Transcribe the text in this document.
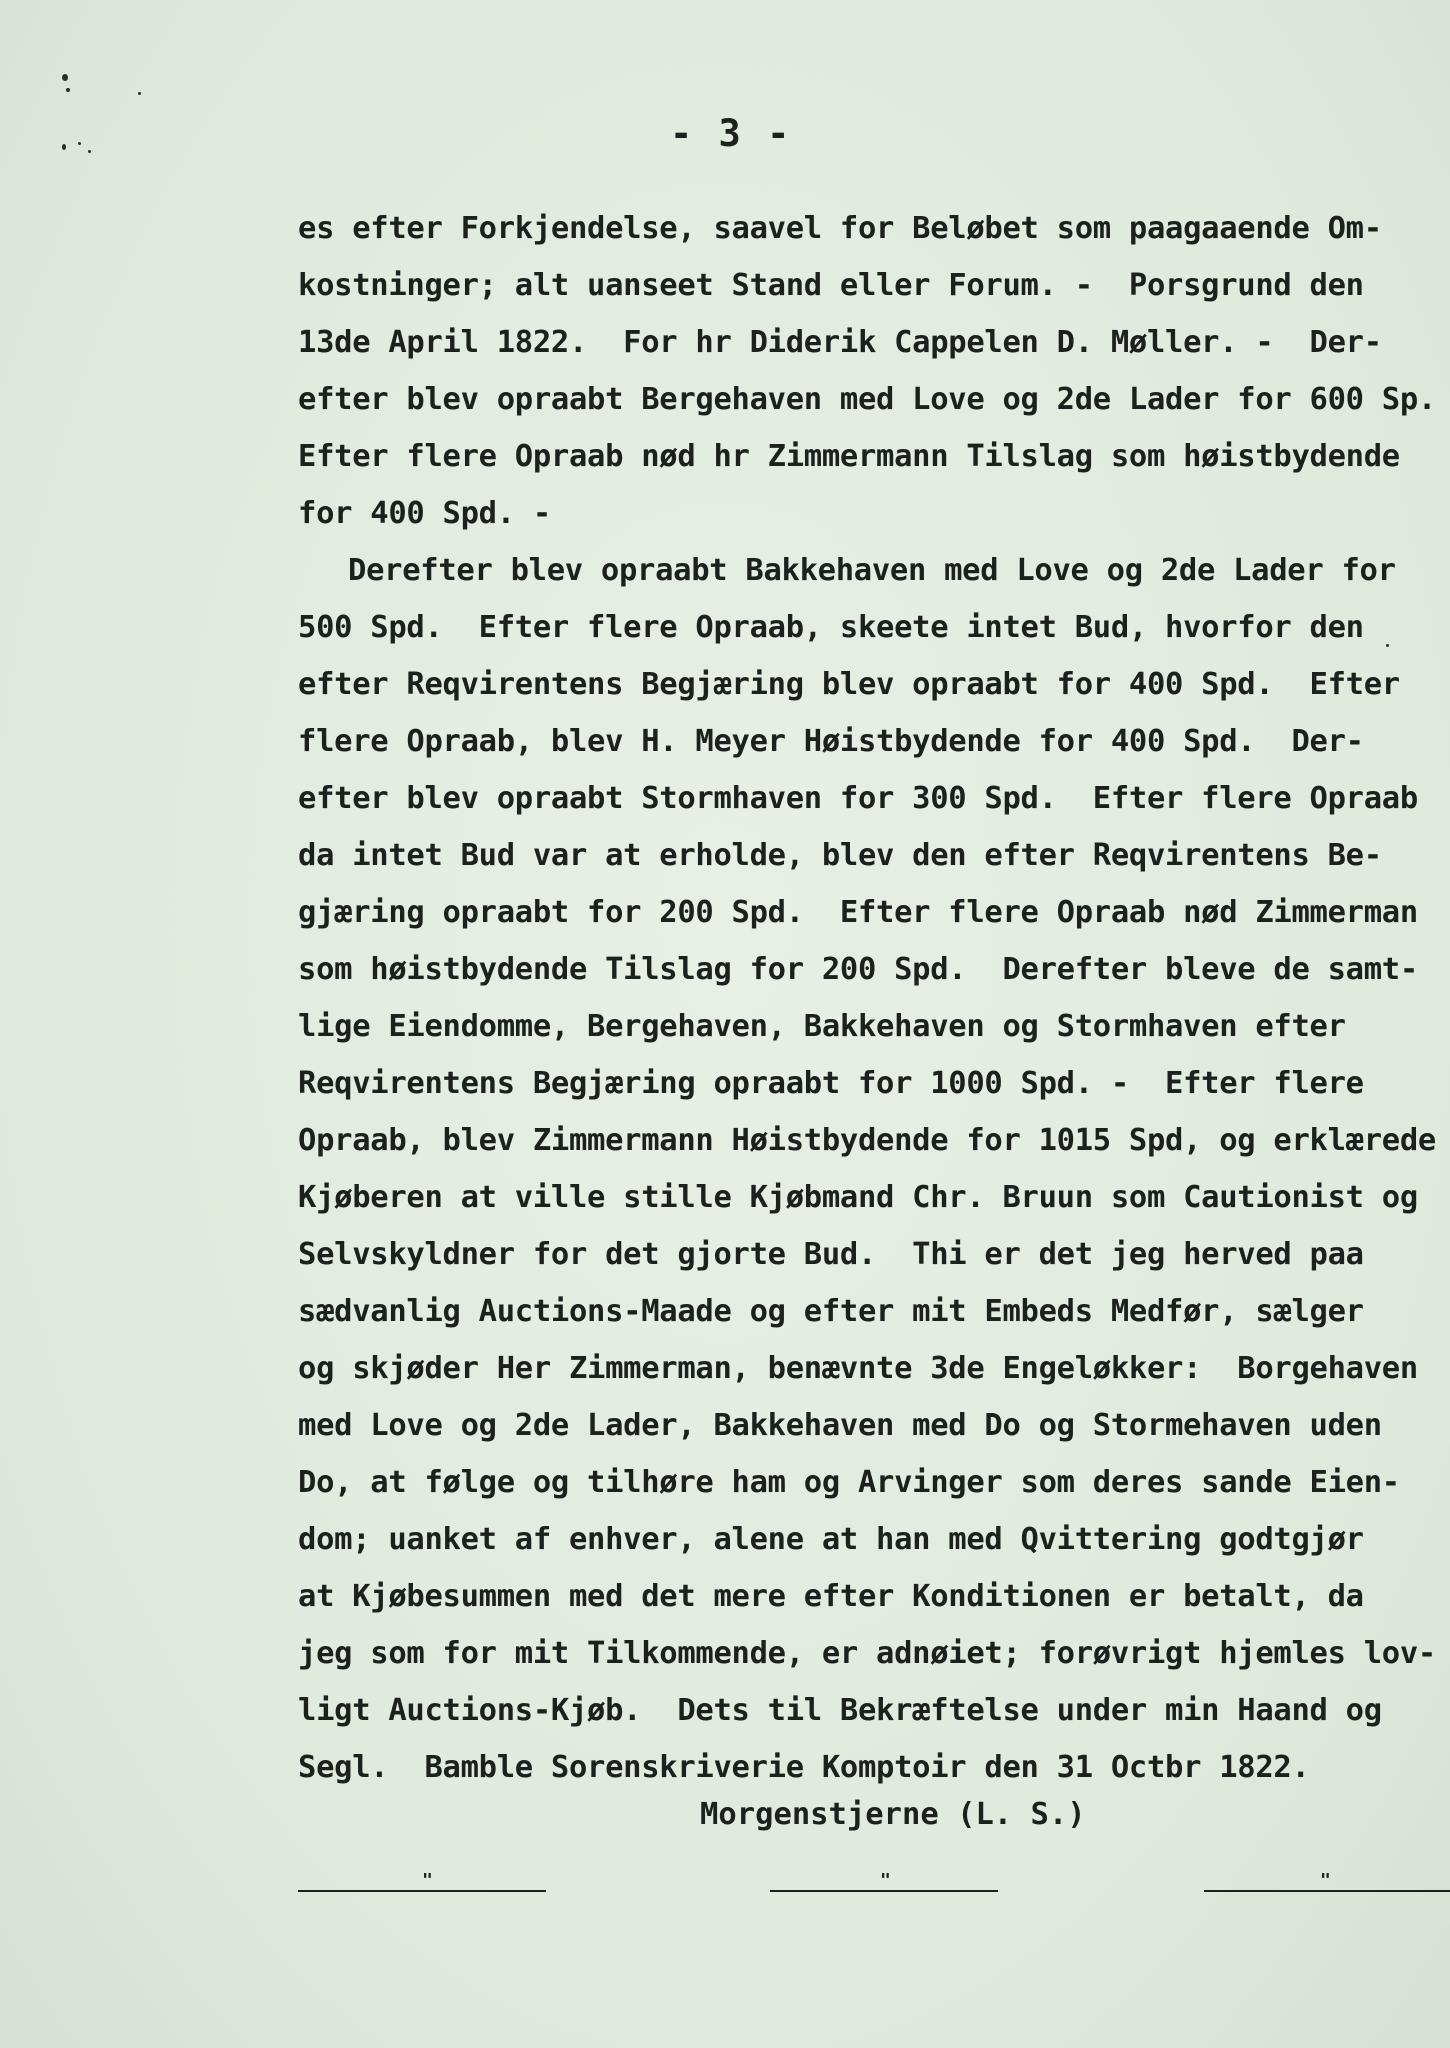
- 3 -
es efter Forkjendelse, saavel for Beløbet som paagaaende Om-
kostninger; alt uanseet Stand eller Forum. -  Porsgrund den
13de April 1822.  For hr Diderik Cappelen D. Møller. -  Der-
efter blev opraabt Bergehaven med Love og 2de Lader for 600 Sp.
Efter flere Opraab nød hr Zimmermann Tilslag som høistbydende
for 400 Spd. -
Derefter blev opraabt Bakkehaven med Love og 2de Lader for
500 Spd.  Efter flere Opraab, skeete intet Bud, hvorfor den
efter Reqvirentens Begjæring blev opraabt for 400 Spd.  Efter
flere Opraab, blev H. Meyer Høistbydende for 400 Spd.  Der-
efter blev opraabt Stormhaven for 300 Spd.  Efter flere Opraab
da intet Bud var at erholde, blev den efter Reqvirentens Be-
gjæring opraabt for 200 Spd.  Efter flere Opraab nød Zimmerman
som høistbydende Tilslag for 200 Spd.  Derefter bleve de samt-
lige Eiendomme, Bergehaven, Bakkehaven og Stormhaven efter
Reqvirentens Begjæring opraabt for 1000 Spd. -  Efter flere
Opraab, blev Zimmermann Høistbydende for 1015 Spd, og erklærede
Kjøberen at ville stille Kjøbmand Chr. Bruun som Cautionist og
Selvskyldner for det gjorte Bud.  Thi er det jeg herved paa
sædvanlig Auctions-Maade og efter mit Embeds Medfør, sælger
og skjøder Her Zimmerman, benævnte 3de Engeløkker:  Borgehaven
med Love og 2de Lader, Bakkehaven med Do og Stormehaven uden
Do, at følge og tilhøre ham og Arvinger som deres sande Eien-
dom; uanket af enhver, alene at han med Qvittering godtgjør
at Kjøbesummen med det mere efter Konditionen er betalt, da
jeg som for mit Tilkommende, er adnøiet; forøvrigt hjemles lov-
ligt Auctions-Kjøb.  Dets til Bekræftelse under min Haand og
Segl.  Bamble Sorenskriverie Komptoir den 31 Octbr 1822.
Morgenstjerne (L. S.)
"	"	"
